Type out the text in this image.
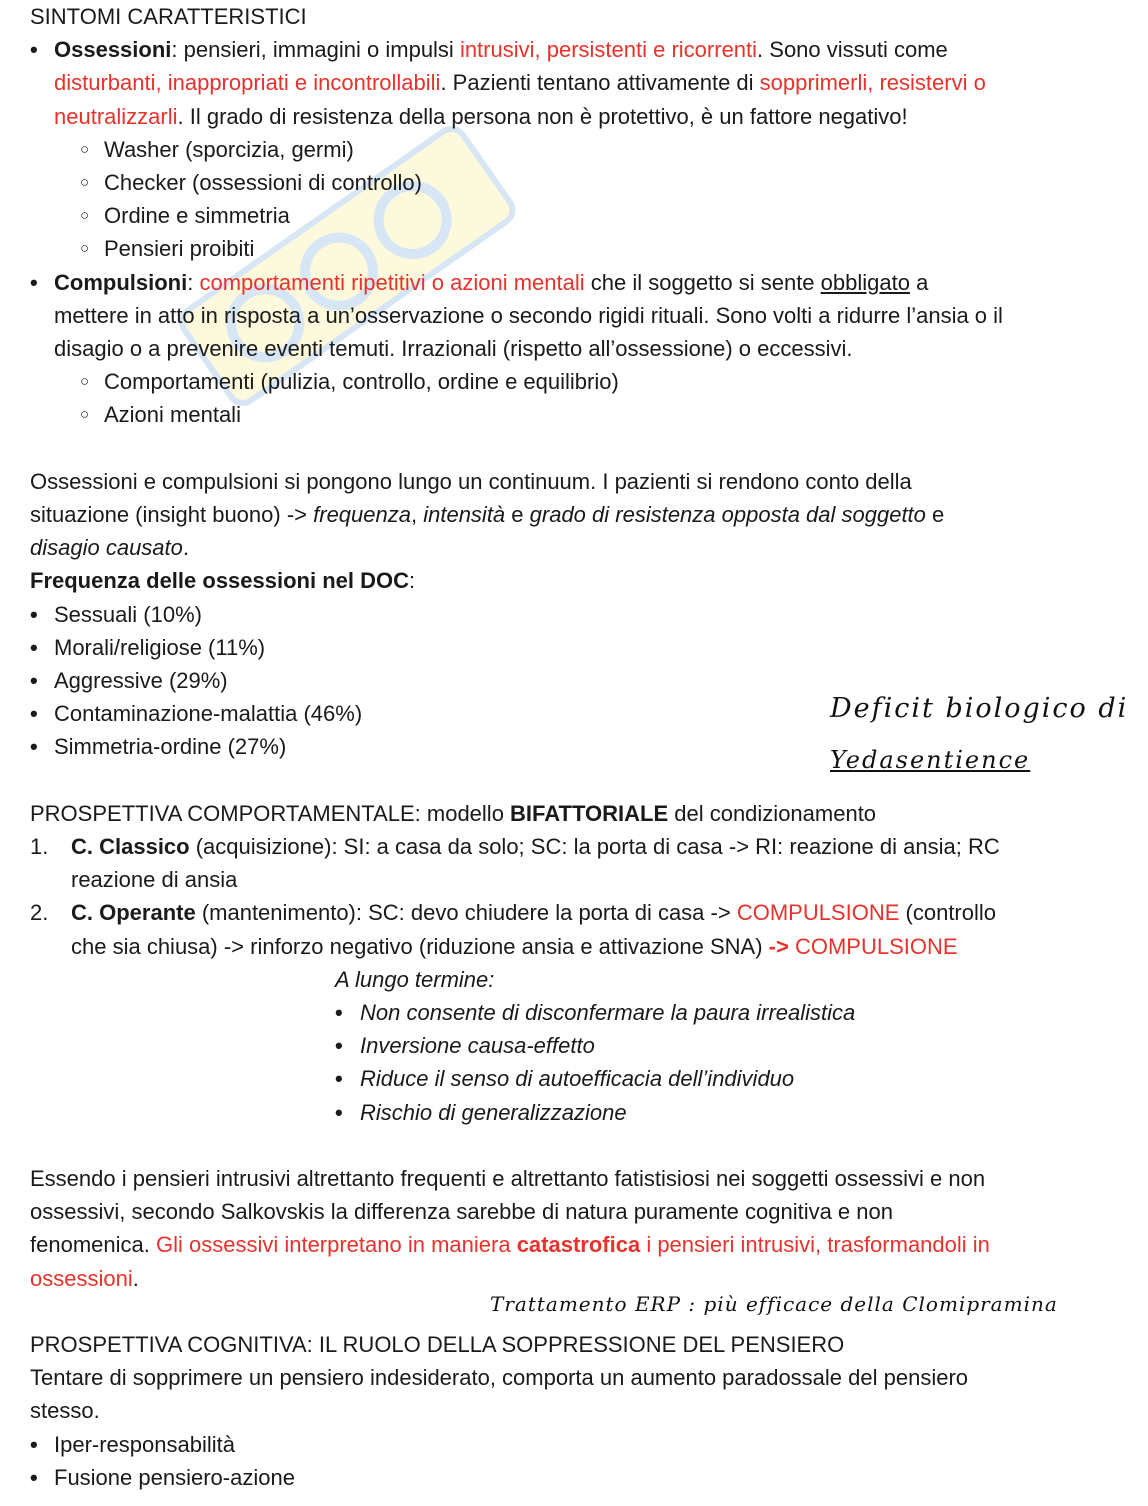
SINTOMI CARATTERISTICI
• Ossessioni: pensieri, immagini o impulsi intrusivi, persistenti e ricorrenti. Sono vissuti come
disturbanti, inappropriati e incontrollabili. Pazienti tentano attivamente di sopprimerli, resistervi o
neutralizzarli. Il grado di resistenza della persona non è protettivo, è un fattore negativo!
○ Washer (sporcizia, germi)
○ Checker (ossessioni di controllo)
○ Ordine e simmetria
○ Pensieri proibiti
• Compulsioni: comportamenti ripetitivi o azioni mentali che il soggetto si sente obbligato a
mettere in atto in risposta a un’osservazione o secondo rigidi rituali. Sono volti a ridurre l’ansia o il
disagio o a prevenire eventi temuti. Irrazionali (rispetto all’ossessione) o eccessivi.
○ Comportamenti (pulizia, controllo, ordine e equilibrio)
○ Azioni mentali
Ossessioni e compulsioni si pongono lungo un continuum. I pazienti si rendono conto della
situazione (insight buono) -> frequenza, intensità e grado di resistenza opposta dal soggetto e
disagio causato.
Frequenza delle ossessioni nel DOC:
• Sessuali (10%)
• Morali/religiose (11%)
• Aggressive (29%)
• Contaminazione-malattia (46%)
• Simmetria-ordine (27%)
PROSPETTIVA COMPORTAMENTALE: modello BIFATTORIALE del condizionamento
1. C. Classico (acquisizione): SI: a casa da solo; SC: la porta di casa -> RI: reazione di ansia; RC
reazione di ansia
2. C. Operante (mantenimento): SC: devo chiudere la porta di casa -> COMPULSIONE (controllo
che sia chiusa) -> rinforzo negativo (riduzione ansia e attivazione SNA) -> COMPULSIONE
A lungo termine:
• Non consente di disconfermare la paura irrealistica
• Inversione causa-effetto
• Riduce il senso di autoefficacia dell’individuo
• Rischio di generalizzazione
Essendo i pensieri intrusivi altrettanto frequenti e altrettanto fatistisiosi nei soggetti ossessivi e non
ossessivi, secondo Salkovskis la differenza sarebbe di natura puramente cognitiva e non
fenomenica. Gli ossessivi interpretano in maniera catastrofica i pensieri intrusivi, trasformandoli in
ossessioni.
PROSPETTIVA COGNITIVA: IL RUOLO DELLA SOPPRESSIONE DEL PENSIERO
Tentare di sopprimere un pensiero indesiderato, comporta un aumento paradossale del pensiero
stesso.
• Iper-responsabilità
• Fusione pensiero-azione
Deficit biologico di
Yedasentience
Trattamento ERP : più efficace della Clomipramina
